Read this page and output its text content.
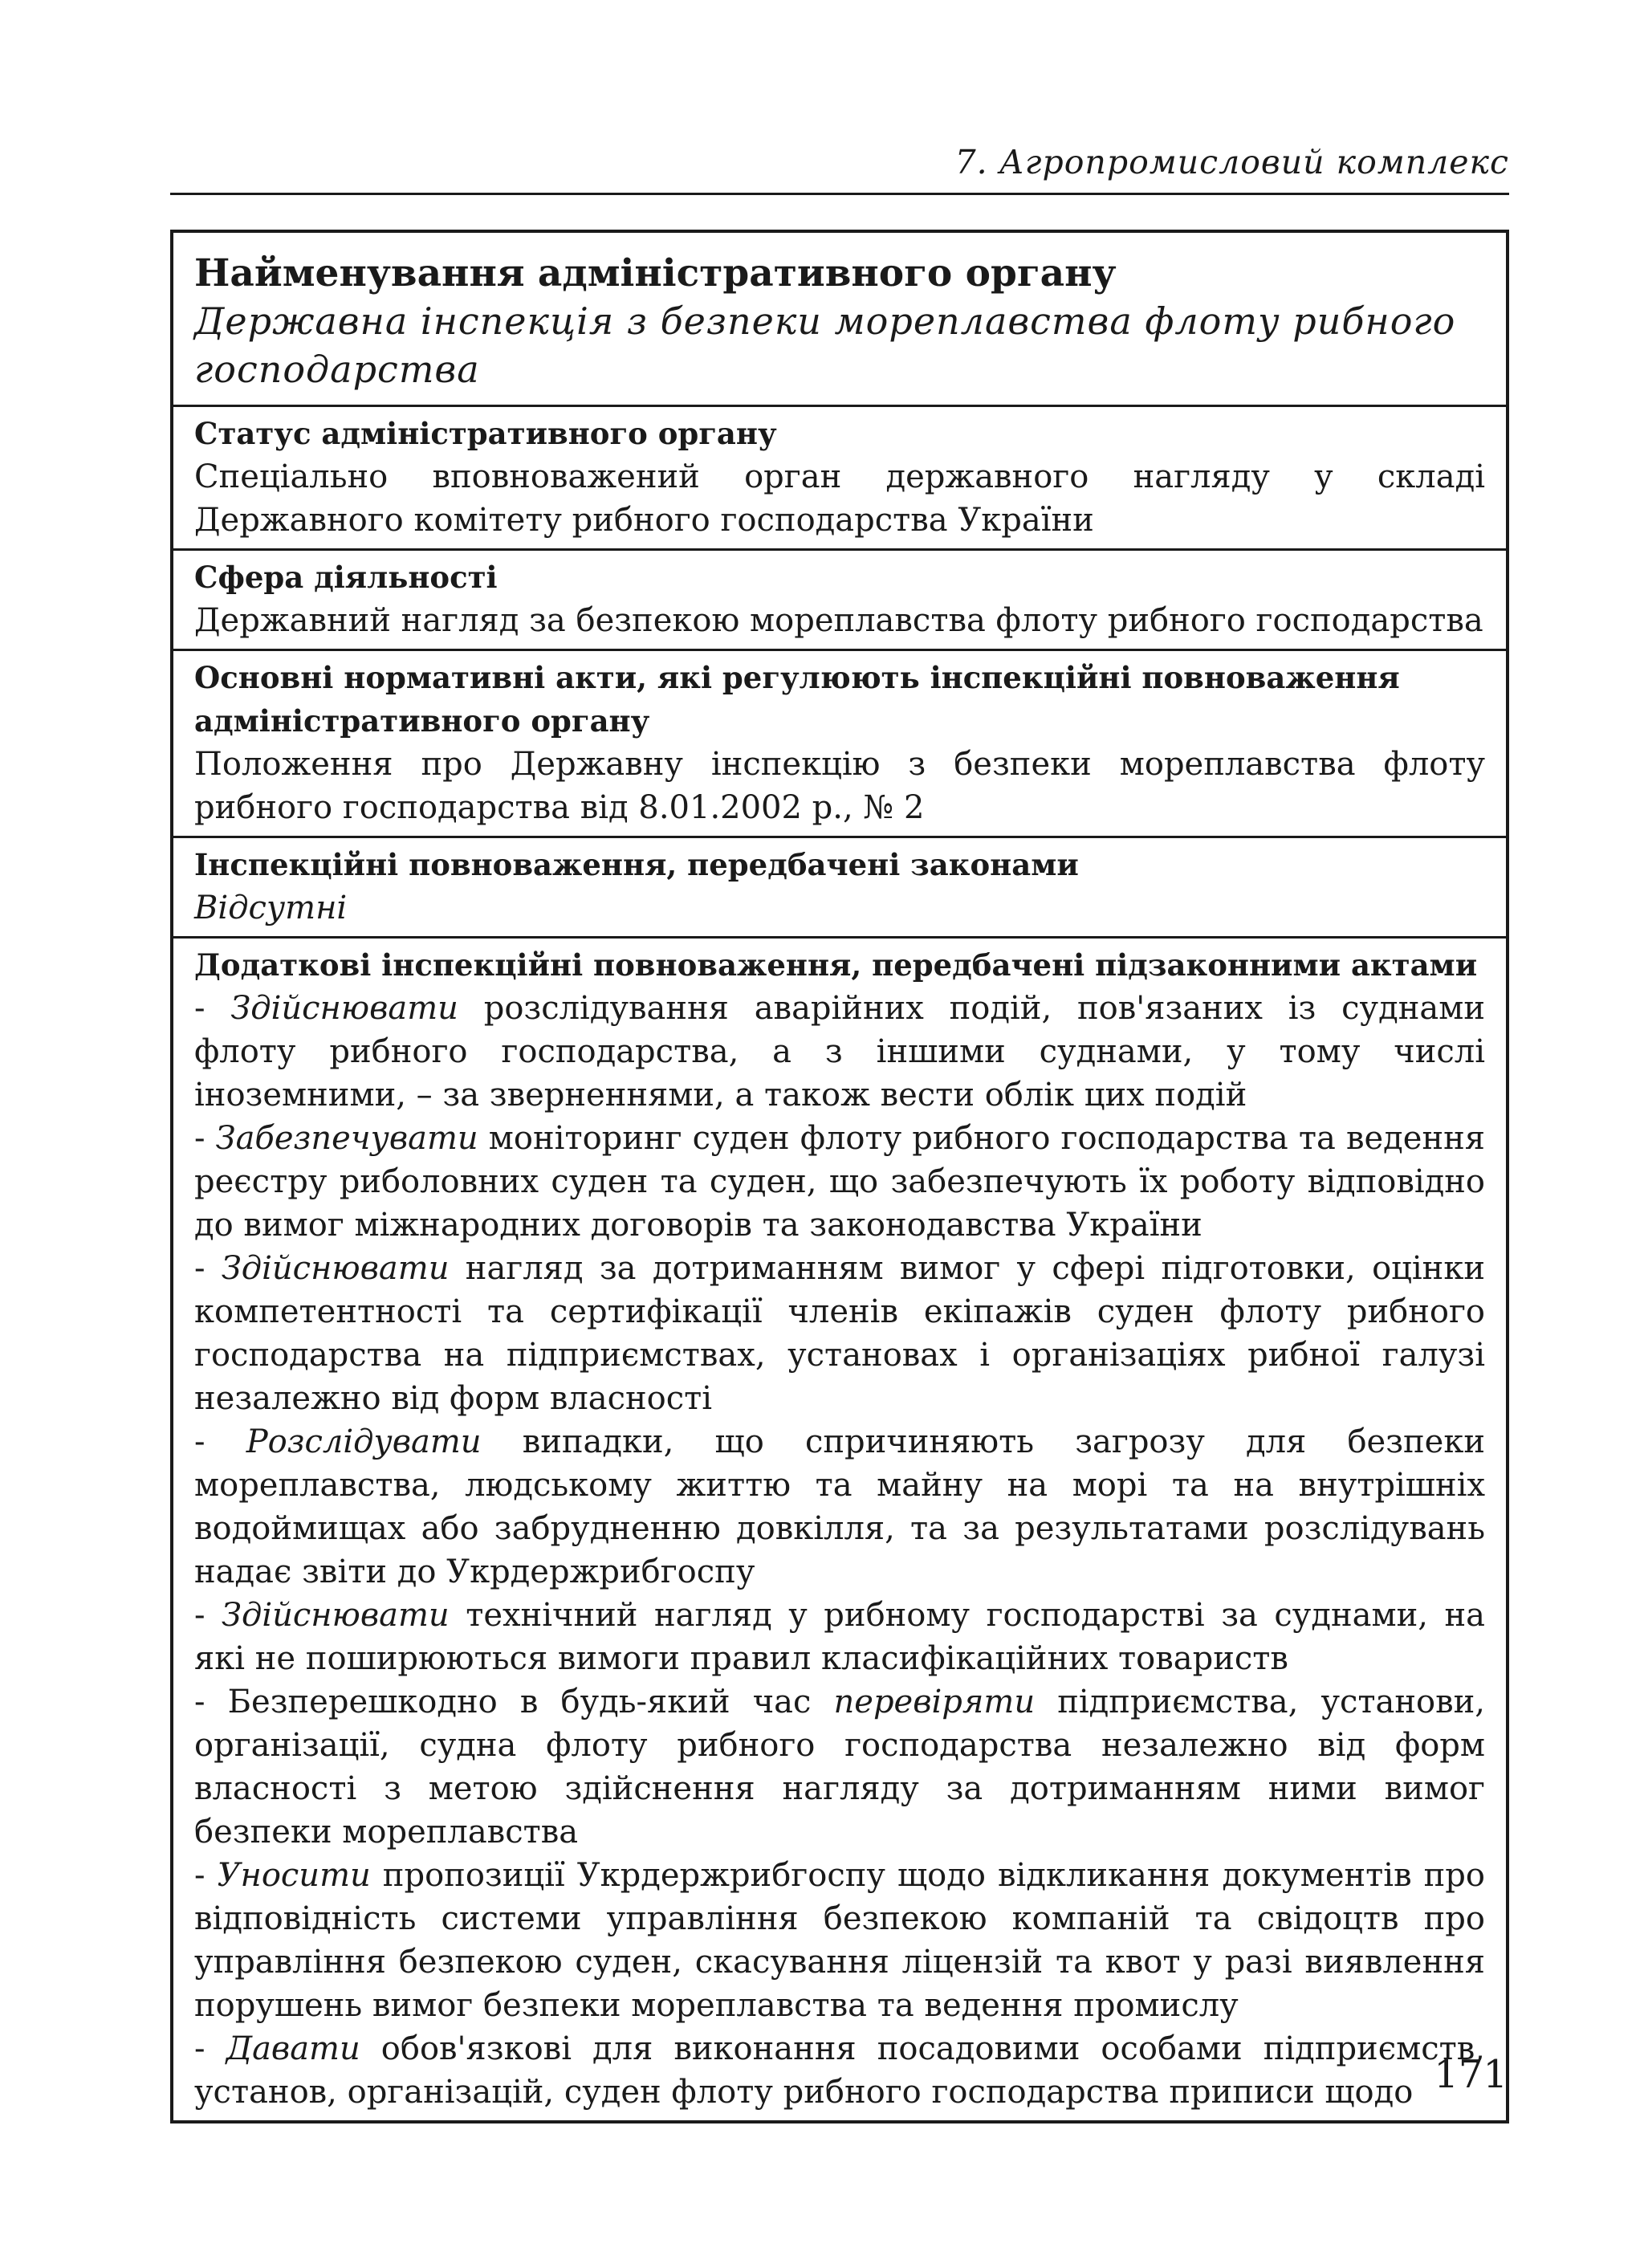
7. Агропромисловий комплекс
Найменування адміністративного органу
Державна інспекція з безпеки мореплавства флоту рибного господарства
Статус адміністративного органу
Спеціально вповноважений орган державного нагляду у складі Державного комітету рибного господарства України
Сфера діяльності
Державний нагляд за безпекою мореплавства флоту рибного господарства
Основні нормативні акти, які регулюють інспекційні повноваження адміністративного органу
Положення про Державну інспекцію з безпеки мореплавства флоту рибного господарства від 8.01.2002 р., № 2
Інспекційні повноваження, передбачені законами
Відсутні
Додаткові інспекційні повноваження, передбачені підзаконними актами
- Здійснювати розслідування аварійних подій, пов'язаних із суднами флоту рибного господарства, а з іншими суднами, у тому числі іноземними, – за зверненнями, а також вести облік цих подій
- Забезпечувати моніторинг суден флоту рибного господарства та ведення реєстру риболовних суден та суден, що забезпечують їх роботу відповідно до вимог міжнародних договорів та законодавства України
- Здійснювати нагляд за дотриманням вимог у сфері підготовки, оцінки компетентності та сертифікації членів екіпажів суден флоту рибного господарства на підприємствах, установах і організаціях рибної галузі незалежно від форм власності
- Розслідувати випадки, що спричиняють загрозу для безпеки мореплавства, людському життю та майну на морі та на внутрішніх водоймищах або забрудненню довкілля, та за результатами розслідувань надає звіти до Укрдержрибгоспу
- Здійснювати технічний нагляд у рибному господарстві за суднами, на які не поширюються вимоги правил класифікаційних товариств
- Безперешкодно в будь-який час перевіряти підприємства, установи, організації, судна флоту рибного господарства незалежно від форм власності з метою здійснення нагляду за дотриманням ними вимог безпеки мореплавства
- Уносити пропозиції Укрдержрибгоспу щодо відкликання документів про відповідність системи управління безпекою компаній та свідоцтв про управління безпекою суден, скасування ліцензій та квот у разі виявлення порушень вимог безпеки мореплавства та ведення промислу
- Давати обов'язкові для виконання посадовими особами підприємств, установ, організацій, суден флоту рибного господарства приписи щодо 171
